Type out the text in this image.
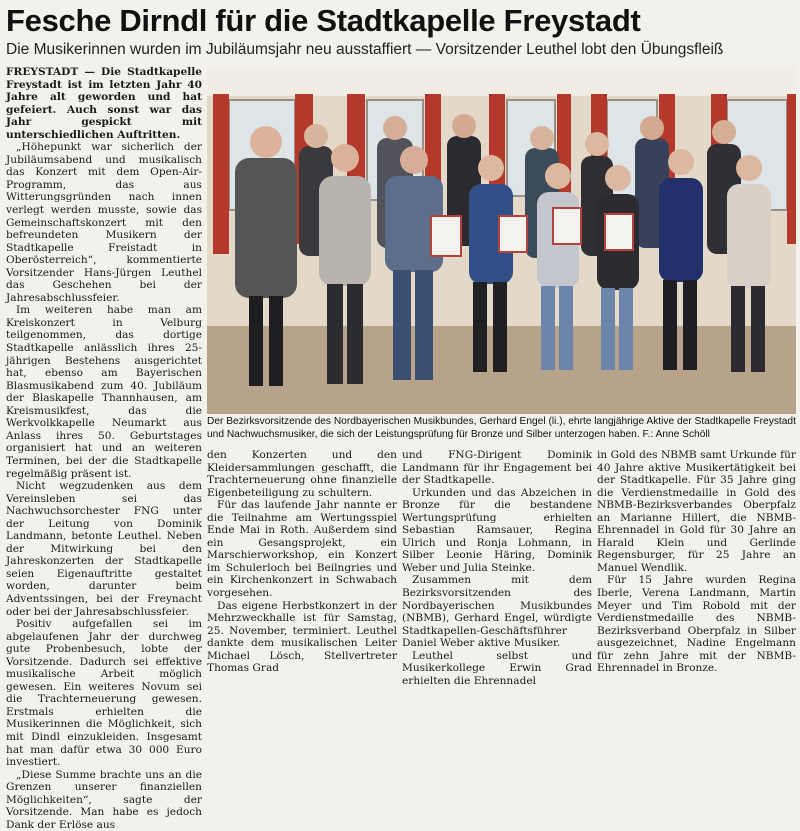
Fesche Dirndl für die Stadtkapelle Freystadt
Die Musikerinnen wurden im Jubiläumsjahr neu ausstaffiert — Vorsitzender Leuthel lobt den Übungsfleiß

FREYSTADT — Die Stadtkapelle Freystadt ist im letzten Jahr 40 Jahre alt geworden und hat gefeiert. Auch sonst war das Jahr gespickt mit unterschiedlichen Auftritten.

„Höhepunkt war sicherlich der Jubiläumsabend und musikalisch das Konzert mit dem Open-Air-Programm, das aus Witterungsgründen nach innen verlegt werden musste, sowie das Gemeinschaftskonzert mit den befreundeten Musikern der Stadtkapelle Freistadt in Oberösterreich“, kommentierte Vorsitzender Hans-Jürgen Leuthel das Geschehen bei der Jahresabschlussfeier.

Im weiteren habe man am Kreiskonzert in Velburg teilgenommen, das dortige Stadtkapelle anlässlich ihres 25-jährigen Bestehens ausgerichtet hat, ebenso am Bayerischen Blasmusikabend zum 40. Jubiläum der Blaskapelle Thannhausen, am Kreismusikfest, das die Werkvolkkapelle Neumarkt aus Anlass ihres 50. Geburtstages organisiert hat und an weiteren Terminen, bei der die Stadtkapelle regelmäßig präsent ist.

Nicht wegzudenken aus dem Vereinsleben sei das Nachwuchsorchester FNG unter der Leitung von Dominik Landmann, betonte Leuthel. Neben der Mitwirkung bei den Jahreskonzerten der Stadtkapelle seien Eigenauftritte gestaltet worden, darunter beim Adventssingen, bei der Freynacht oder bei der Jahresabschlussfeier.

Positiv aufgefallen sei im abgelaufenen Jahr der durchweg gute Probenbesuch, lobte der Vorsitzende. Dadurch sei effektive musikalische Arbeit möglich gewesen. Ein weiteres Novum sei die Trachterneuerung gewesen. Erstmals erhielten die Musikerinnen die Möglichkeit, sich mit Dindl einzukleiden. Insgesamt hat man dafür etwa 30 000 Euro investiert.

„Diese Summe brachte uns an die Grenzen unserer finanziellen Möglichkeiten“, sagte der Vorsitzende. Man habe es jedoch Dank der Erlöse aus

Der Bezirksvorsitzende des Nordbayerischen Musikbundes, Gerhard Engel (li.), ehrte langjährige Aktive der Stadtkapelle Freystadt und Nachwuchsmusiker, die sich der Leistungsprüfung für Bronze und Silber unterzogen haben. F.: Anne Schöll

den Konzerten und den Kleidersammlungen geschafft, die Trachterneuerung ohne finanzielle Eigenbeteiligung zu schultern.

Für das laufende Jahr nannte er die Teilnahme am Wertungsspiel Ende Mai in Roth. Außerdem sind ein Gesangsprojekt, ein Marschierworkshop, ein Konzert im Schulerloch bei Beilngries und ein Kirchenkonzert in Schwabach vorgesehen.

Das eigene Herbstkonzert in der Mehrzweckhalle ist für Samstag, 25. November, terminiert. Leuthel dankte dem musikalischen Leiter Michael Lösch, Stellvertreter Thomas Grad

und FNG-Dirigent Dominik Landmann für ihr Engagement bei der Stadtkapelle.

Urkunden und das Abzeichen in Bronze für die bestandene Wertungsprüfung erhielten Sebastian Ramsauer, Regina Ulrich und Ronja Lohmann, in Silber Leonie Häring, Dominik Weber und Julia Steinke.

Zusammen mit dem Bezirksvorsitzenden des Nordbayerischen Musikbundes (NBMB), Gerhard Engel, würdigte Stadtkapellen-Geschäftsführer Daniel Weber aktive Musiker.

Leuthel selbst und Musikerkollege Erwin Grad erhielten die Ehrennadel

in Gold des NBMB samt Urkunde für 40 Jahre aktive Musikertätigkeit bei der Stadtkapelle. Für 35 Jahre ging die Verdienstmedaille in Gold des NBMB-Bezirksverbandes Oberpfalz an Marianne Hillert, die NBMB-Ehrennadel in Gold für 30 Jahre an Harald Klein und Gerlinde Regensburger, für 25 Jahre an Manuel Wendlik.

Für 15 Jahre wurden Regina Iberle, Verena Landmann, Martin Meyer und Tim Robold mit der Verdienstmedaille des NBMB-Bezirksverband Oberpfalz in Silber ausgezeichnet, Nadine Engelmann für zehn Jahre mit der NBMB-Ehrennadel in Bronze.
